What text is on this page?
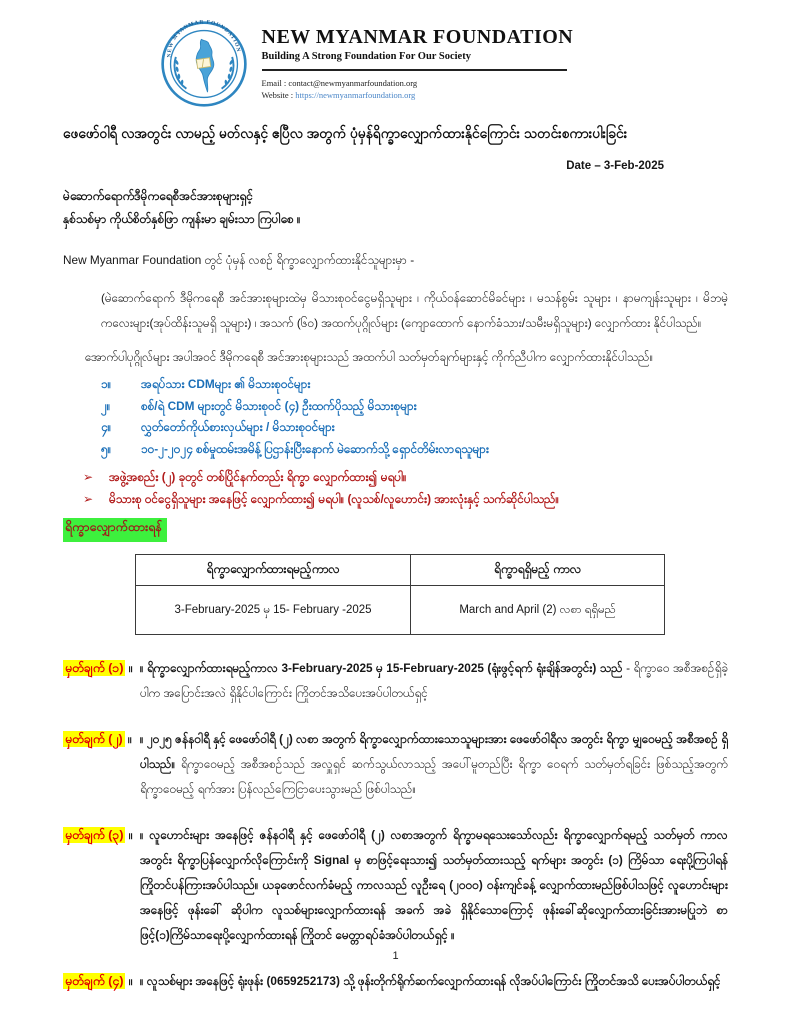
NEW MYANMAR FOUNDATION
NEW MYANMAR FOUNDATION
Building A Strong Foundation For Our Society
Email : contact@newmyanmarfoundation.org
Website : https://newmyanmarfoundation.org
ဖေဖော်ဝါရီ လအတွင်း လာမည့် မတ်လနှင့် ဧပြီလ အတွက် ပုံမှန်ရိက္ခာလျှောက်ထားနိုင်ကြောင်း သတင်းစကားပါးခြင်း
Date – 3-Feb-2025
မဲဆောက်ရောက်ဒီမိုကရေစီအင်အားစုများရှင့်
နှစ်သစ်မှာ ကိုယ်စိတ်နှစ်ဖြာ ကျန်းမာ ချမ်းသာ ကြပါစေ ။
New Myanmar Foundation တွင် ပုံမှန် လစဉ် ရိက္ခာလျှောက်ထားနိုင်သူများမှာ -
(မဲဆောက်ရောက် ဒီမိုကရေစီ အင်အားစုများထဲမှ မိသားစုဝင်ငွေမရှိသူများ ၊ ကိုယ်ဝန်ဆောင်မိခင်များ ၊ မသန်စွမ်း သူများ ၊ နာမကျန်းသူများ ၊ မိဘမဲ့ကလေးများ(အုပ်ထိန်းသူမရှိ သူများ) ၊ အသက် (၆၀) အထက်ပုဂ္ဂိုလ်များ (ကျောထောက် နောက်ခံသား/သမီးမရှိသူများ) လျှောက်ထား နိုင်ပါသည်။
အောက်ပါပုဂ္ဂိုလ်များ အပါအဝင် ဒီမိုကရေစီ အင်အားစုများသည် အထက်ပါ သတ်မှတ်ချက်များနှင့် ကိုက်ညီပါက လျှောက်ထားနိုင်ပါသည်။
၁။	အရပ်သား CDMများ ၏ မိသားစုဝင်များ
၂။	စစ်/ရဲ CDM များတွင် မိသားစုဝင် (၄) ဦးထက်ပိုသည့် မိသားစုများ
၄။	လွှတ်တော်ကိုယ်စားလှယ်များ / မိသားစုဝင်များ
၅။	၁၀-၂-၂၀၂၄ စစ်မှုထမ်းအမိန့် ပြဌာန်းပြီးနောက် မဲဆောက်သို့ ရှောင်တိမ်းလာရသူများ
➢	အဖွဲ့အစည်း (၂) ခုတွင် တစ်ပြိုင်နက်တည်း ရိက္ခာ လျှောက်ထား၍ မရပါ။
➢	မိသားစု ဝင်ငွေရှိသူများ အနေဖြင့် လျှောက်ထား၍ မရပါ။ (လူသစ်/လူဟောင်း) အားလုံးနှင့် သက်ဆိုင်ပါသည်။
ရိက္ခာလျှောက်ထားရန်
ရိက္ခာလျှောက်ထားရမည့်ကာလ	ရိက္ခာရရှိမည့် ကာလ
3-February-2025 မှ 15- February -2025	March and April (2) လစာ ရရှိမည်
မှတ်ချက် (၁) ။ ။ ရိက္ခာလျှောက်ထားရမည့်ကာလ 3-February-2025 မှ 15-February-2025 (ရုံးဖွင့်ရက် ရုံးချိန်အတွင်း) သည် - ရိက္ခာဝေ အစီအစဉ်ရှိခဲ့ပါက အပြောင်းအလဲ ရှိနိုင်ပါကြောင်း ကြိုတင်အသိပေးအပ်ပါတယ်ရှင့်
မှတ်ချက် (၂) ။ ။ ၂၀၂၅ ဇန်နဝါရီ နှင့် ဖေဖော်ဝါရီ (၂) လစာ အတွက် ရိက္ခာလျှောက်ထားသောသူများအား ဖေဖော်ဝါရီလ အတွင်း ရိက္ခာ မျှဝေမည့် အစီအစဉ် ရှိပါသည်။ ရိက္ခာဝေမည့် အစီအစဉ်သည် အလှူရှင် ဆက်သွယ်လာသည့် အပေါ်မူတည်ပြီး ရိက္ခာ ဝေရက် သတ်မှတ်ရခြင်း ဖြစ်သည့်အတွက် ရိက္ခာဝေမည့် ရက်အား ပြန်လည်ကြေငြာပေးသွားမည် ဖြစ်ပါသည်။
မှတ်ချက် (၃) ။ ။ လူဟောင်းများ အနေဖြင့် ဇန်နဝါရီ နှင့် ဖေဖော်ဝါရီ (၂) လစာအတွက် ရိက္ခာမရသေးသော်လည်း ရိက္ခာလျှောက်ရမည့် သတ်မှတ် ကာလအတွင်း ရိက္ခာပြန်လျှောက်လိုကြောင်းကို Signal မှ စာဖြင့်ရေးသား၍ သတ်မှတ်ထားသည့် ရက်များ အတွင်း (၁) ကြိမ်သာ ရေးပို့ကြပါရန် ကြိုတင်ပန်ကြားအပ်ပါသည်။ ယခုဖောင်လက်ခံမည့် ကာလသည် လူဦးရေ (၂၀၀၀) ဝန်းကျင်ခန့် လျှောက်ထားမည်ဖြစ်ပါသဖြင့် လူဟောင်းများအနေဖြင့် ဖုန်းခေါ် ဆိုပါက လူသစ်များလျှောက်ထားရန် အခက် အခဲ ရှိနိုင်သောကြောင့် ဖုန်းခေါ်ဆိုလျှောက်ထားခြင်းအားမပြုဘဲ စာဖြင့်(၁)ကြိမ်သာရေးပို့လျှောက်ထားရန် ကြိုတင် မေတ္တာရပ်ခံအပ်ပါတယ်ရှင့် ။
မှတ်ချက် (၄) ။ ။ လူသစ်များ အနေဖြင့် ရုံးဖုန်း (0659252173) သို့ ဖုန်းတိုက်ရိုက်ဆက်လျှောက်ထားရန် လိုအပ်ပါကြောင်း ကြိုတင်အသိ ပေးအပ်ပါတယ်ရှင့်
1
